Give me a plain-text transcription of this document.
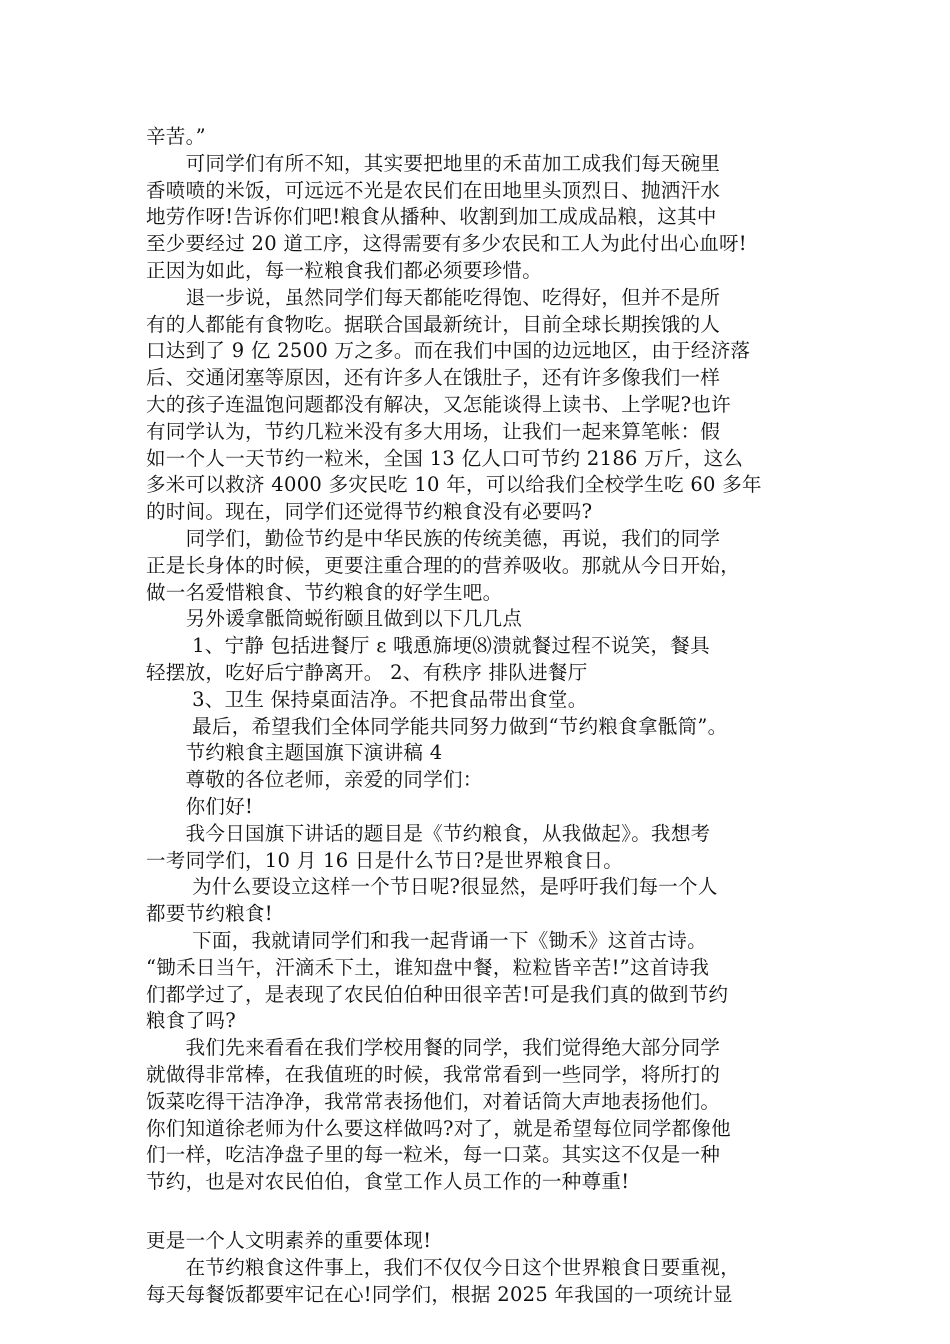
辛苦。”
　　可同学们有所不知，其实要把地里的禾苗加工成我们每天碗里
香喷喷的米饭，可远远不光是农民们在田地里头顶烈日、抛洒汗水
地劳作呀!告诉你们吧!粮食从播种、收割到加工成成品粮，这其中
至少要经过 20 道工序，这得需要有多少农民和工人为此付出心血呀!
正因为如此，每一粒粮食我们都必须要珍惜。
　　退一步说，虽然同学们每天都能吃得饱、吃得好，但并不是所
有的人都能有食物吃。据联合国最新统计，目前全球长期挨饿的人
口达到了 9 亿 2500 万之多。而在我们中国的边远地区，由于经济落
后、交通闭塞等原因，还有许多人在饿肚子，还有许多像我们一样
大的孩子连温饱问题都没有解决，又怎能谈得上读书、上学呢?也许
有同学认为，节约几粒米没有多大用场，让我们一起来算笔帐：假
如一个人一天节约一粒米，全国 13 亿人口可节约 2186 万斤，这么
多米可以救济 4000 多灾民吃 10 年，可以给我们全校学生吃 60 多年
的时间。现在，同学们还觉得节约粮食没有必要吗?
　　同学们，勤俭节约是中华民族的传统美德，再说，我们的同学
正是长身体的时候，更要注重合理的的营养吸收。那就从今日开始，
做一名爱惜粮食、节约粮食的好学生吧。
　　另外谖拿骶筒蜕衔颐且做到以下几几点
　　 1、宁静 包括进餐厅 ε 哦恿旆埂⑻溃就餐过程不说笑，餐具
轻摆放，吃好后宁静离开。 2、有秩序 排队进餐厅
　　 3、卫生 保持桌面洁净。不把食品带出食堂。
　　 最后，希望我们全体同学能共同努力做到“节约粮食拿骶筒”。
　　节约粮食主题国旗下演讲稿 4
　　尊敬的各位老师，亲爱的同学们：
　　你们好!
　　我今日国旗下讲话的题目是《节约粮食，从我做起》。我想考
一考同学们，10 月 16 日是什么节日?是世界粮食日。
　　 为什么要设立这样一个节日呢?很显然，是呼吁我们每一个人
都要节约粮食!
　　 下面，我就请同学们和我一起背诵一下《锄禾》这首古诗。
“锄禾日当午，汗滴禾下土，谁知盘中餐，粒粒皆辛苦!”这首诗我
们都学过了，是表现了农民伯伯种田很辛苦!可是我们真的做到节约
粮食了吗?
　　我们先来看看在我们学校用餐的同学，我们觉得绝大部分同学
就做得非常棒，在我值班的时候，我常常看到一些同学，将所打的
饭菜吃得干洁净净，我常常表扬他们，对着话筒大声地表扬他们。
你们知道徐老师为什么要这样做吗?对了，就是希望每位同学都像他
们一样，吃洁净盘子里的每一粒米，每一口菜。其实这不仅是一种
节约，也是对农民伯伯，食堂工作人员工作的一种尊重!
更是一个人文明素养的重要体现!
　　在节约粮食这件事上，我们不仅仅今日这个世界粮食日要重视，
每天每餐饭都要牢记在心!同学们，根据 2025 年我国的一项统计显
